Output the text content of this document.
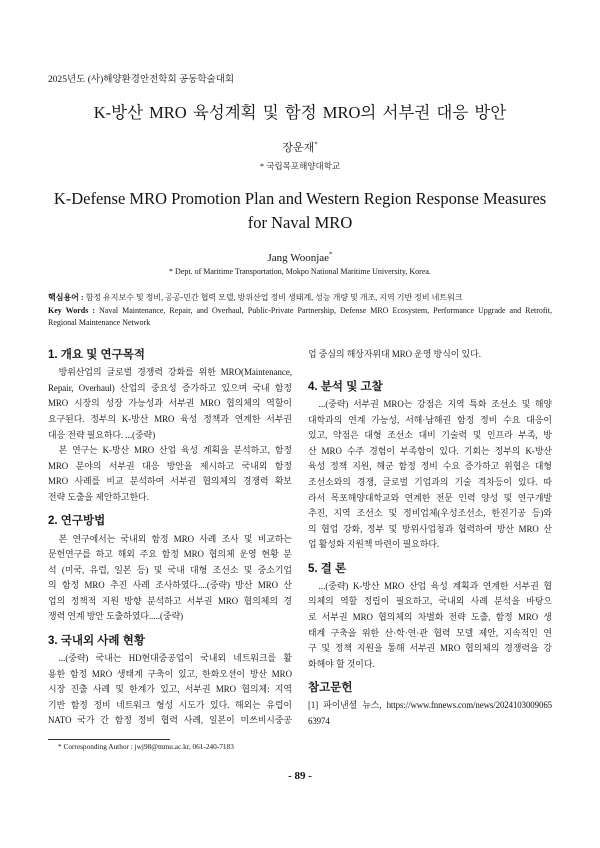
2025년도 (사)해양환경안전학회 공동학술대회
K-방산 MRO 육성계획 및 함정 MRO의 서부권 대응 방안
장운재*
* 국립목포해양대학교
K-Defense MRO Promotion Plan and Western Region Response Measures
for Naval MRO
Jang Woonjae*
* Dept. of Maritime Transportation, Mokpo National Maritime University, Korea.
핵심용어 : 함정 유지보수 및 정비, 공공-민간 협력 모델, 방위산업 정비 생태계, 성능 개량 및 개조, 지역 기반 정비 네트워크
Key Words : Naval Maintenance, Repair, and Overhaul, Public-Private Partnership, Defense MRO Ecosystem, Performance Upgrade and Retrofit,
Regional Maintenance Network
1. 개요 및 연구목적
방위산업의 글로벌 경쟁력 강화를 위한 MRO(Maintenance,
Repair, Overhaul) 산업의 중요성 증가하고 있으며 국내 함정
MRO 시장의 성장 가능성과 서부권 MRO 협의체의 역할이
요구된다. 정부의 K-방산 MRO 육성 정책과 연계한 서부권
대응 전략 필요하다. ...(중략)
본 연구는 K-방산 MRO 산업 육성 계획을 분석하고, 함정
MRO 분야의 서부권 대응 방안을 제시하고 국내외 함정
MRO 사례를 비교 분석하여 서부권 협의체의 경쟁력 확보
전략 도출을 제안하고한다.
2. 연구방법
본 연구에서는 국내외 함정 MRO 사례 조사 및 비교하는
문헌연구를 하고 해외 주요 함정 MRO 협의체 운영 현황 분
석 (미국, 유럽, 일본 등) 및 국내 대형 조선소 및 중소기업
의 함정 MRO 추진 사례 조사하였다....(중략) 방산 MRO 산
업의 정책적 지원 방향 분석하고 서부권 MRO 협의체의 경
쟁력 연계 방안 도출하였다.....(중략)
3. 국내외 사례 현황
...(중략) 국내는 HD현대중공업이 국내외 네트워크를 활
용한 함정 MRO 생태계 구축이 있고, 한화오션이 방산 MRO
시장 진출 사례 및 한계가 있고, 서부권 MRO 협의체: 지역
기반 함정 정비 네트워크 형성 시도가 있다. 해외는 유럽이
NATO 국가 간 함정 정비 협력 사례, 일본이 미쓰비시중공
업 중심의 해상자위대 MRO 운영 방식이 있다.
4. 분석 및 고찰
...(중략) 서부권 MRO는 강점은 지역 특화 조선소 및 해양
대학과의 연계 가능성, 서해·남해권 함정 정비 수요 대응이
있고, 약점은 대형 조선소 대비 기술력 및 인프라 부족, 방
산 MRO 수주 경험이 부족함이 있다. 기회는 정부의 K-방산
육성 정책 지원, 해군 함정 정비 수요 증가하고 위협은 대형
조선소와의 경쟁, 글로벌 기업과의 기술 격차등이 있다. 따
라서 목포해양대학교와 연계한 전문 인력 양성 및 연구개발
추진, 지역 조선소 및 정비업체(우성조선소, 한진기공 등)와
의 협업 강화, 정부 및 방위사업청과 협력하여 방산 MRO 산
업 활성화 지원책 마련이 필요하다.
5. 결 론
...(중략) K-방산 MRO 산업 육성 계획과 연계한 서부권 협
의체의 역할 정립이 필요하고, 국내외 사례 분석을 바탕으
로 서부권 MRO 협의체의 차별화 전략 도출, 함정 MRO 생
태계 구축을 위한 산·학·연·관 협력 모델 제안, 지속적인 연
구 및 정책 지원을 통해 서부권 MRO 협의체의 경쟁력을 강
화해야 할 것이다.
참고문헌
[1] 파이낸셜 뉴스, https://www.fnnews.com/news/2024103009065
63974
* Corresponding Author : jwj98@mmu.ac.kr, 061-240-7183
- 89 -
